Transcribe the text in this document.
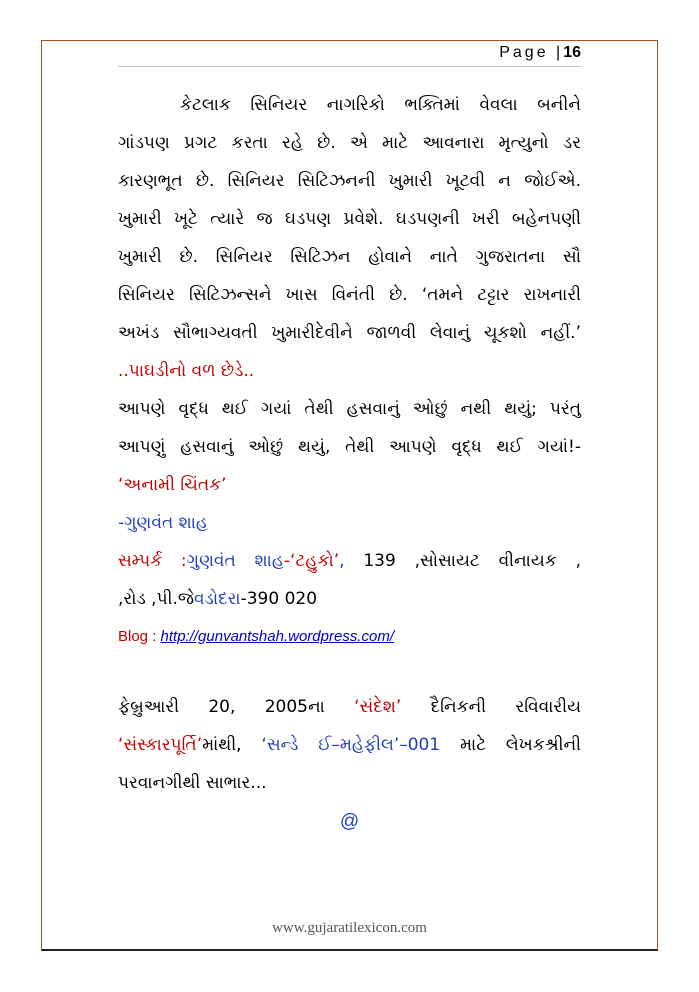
Page |16

કેટલાક સિનિયર નાગરિકો ભક્તિમાં વેવલા બનીને

ગાંડપણ પ્રગટ કરતા રહે છે. એ માટે આવનારા મૃત્યુનો ડર

કારણભૂત છે. સિનિયર સિટિઝનની ખુમારી ખૂટવી ન જોઈએ.

ખુમારી ખૂટે ત્યારે જ ઘડપણ પ્રવેશે. ઘડપણની ખરી બહેનપણી

ખુમારી છે. સિનિયર સિટિઝન હોવાને નાતે ગુજરાતના સૌ

સિનિયર સિટિઝન્સને ખાસ વિનંતી છે. ‘તમને ટટ્ટાર રાખનારી

અખંડ સૌભાગ્યવતી ખુમારીદેવીને જાળવી લેવાનું ચૂકશો નહીં.’

..પાઘડીનો વળ છેડે..

આપણે વૃદ્ધ થઈ ગયાં તેથી હસવાનું ઓછું નથી થયું; પરંતુ

આપણું હસવાનું ઓછું થયું, તેથી આપણે વૃદ્ધ થઈ ગયાં!-

‘અનામી ચિંતક’

-ગુણવંત શાહ

સમ્પર્ક :ગુણવંત શાહ-‘ટહુકો’, 139 ,સોસાયટ વીનાયક ,

,રોડ ,પી.જેવડોદરા-390 020

Blog : http://gunvantshah.wordpress.com/

ફેબ્રુઆરી 20, 2005ના ‘સંદેશ’ દૈનિકની રવિવારીય

‘સંસ્કારપૂર્તિ’માંથી, ‘સન્ડે ઈ–મહેફીલ’–001 માટે લેખકશ્રીની

પરવાનગીથી સાભાર...

@

www.gujaratilexicon.com
